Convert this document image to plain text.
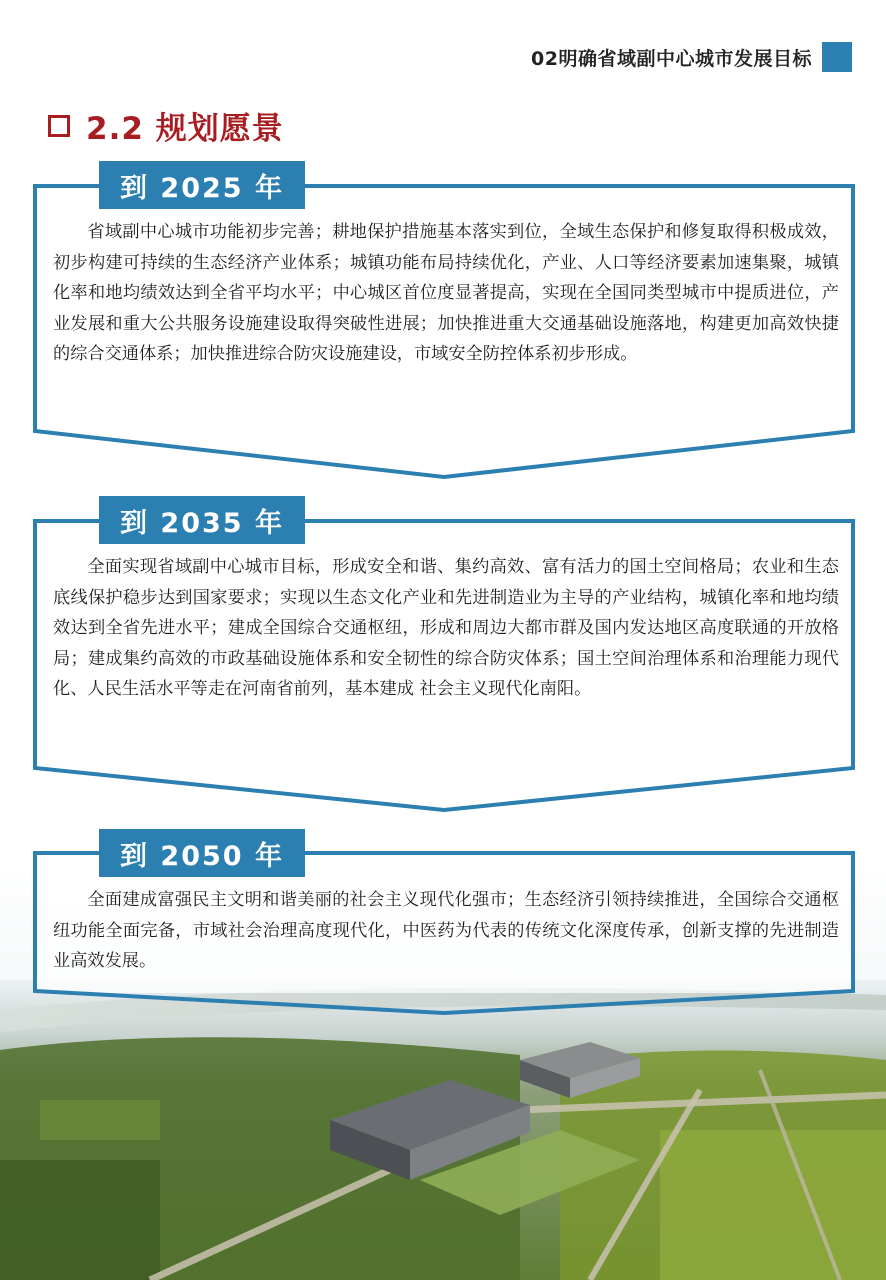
02明确省域副中心城市发展目标
2.2 规划愿景
到 2025 年

省域副中心城市功能初步完善；耕地保护措施基本落实到位，全域生态保护和修复取得积极成效，初步构建可持续的生态经济产业体系；城镇功能布局持续优化，产业、人口等经济要素加速集聚，城镇化率和地均绩效达到全省平均水平；中心城区首位度显著提高，实现在全国同类型城市中提质进位，产业发展和重大公共服务设施建设取得突破性进展；加快推进重大交通基础设施落地，构建更加高效快捷的综合交通体系；加快推进综合防灾设施建设，市域安全防控体系初步形成。

到 2035 年

全面实现省域副中心城市目标，形成安全和谐、集约高效、富有活力的国土空间格局；农业和生态底线保护稳步达到国家要求；实现以生态文化产业和先进制造业为主导的产业结构，城镇化率和地均绩效达到全省先进水平；建成全国综合交通枢纽，形成和周边大都市群及国内发达地区高度联通的开放格局；建成集约高效的市政基础设施体系和安全韧性的综合防灾体系；国土空间治理体系和治理能力现代化、人民生活水平等走在河南省前列，基本建成 社会主义现代化南阳。

到 2050 年

全面建成富强民主文明和谐美丽的社会主义现代化强市；生态经济引领持续推进，全国综合交通枢纽功能全面完备，市域社会治理高度现代化，中医药为代表的传统文化深度传承，创新支撑的先进制造业高效发展。
